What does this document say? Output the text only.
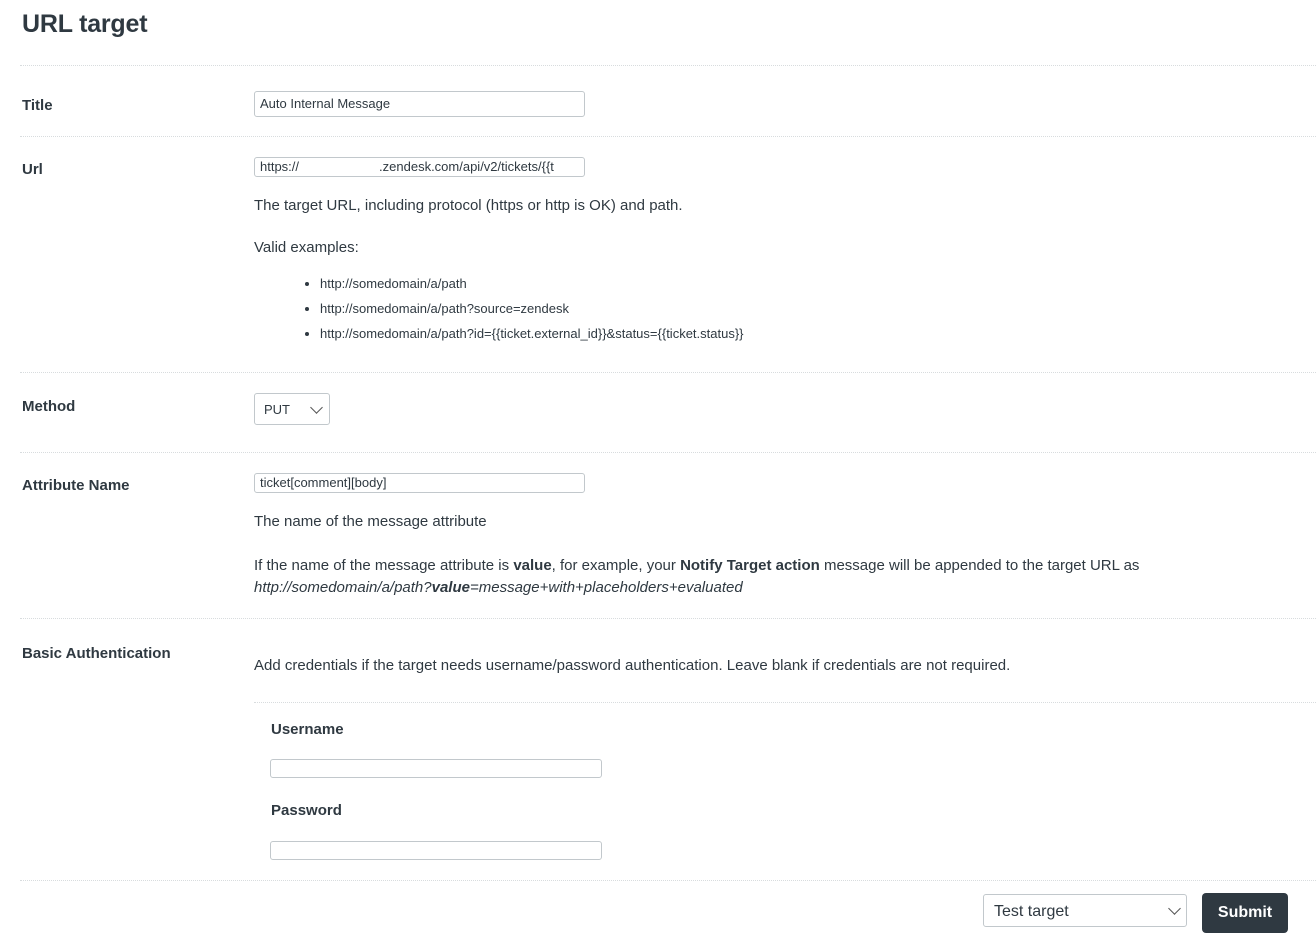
URL target
Title	Auto Internal Message
Url	https://	.zendesk.com/api/v2/tickets/{{t
The target URL, including protocol (https or http is OK) and path.
Valid examples:
• http://somedomain/a/path
• http://somedomain/a/path?source=zendesk
• http://somedomain/a/path?id={{ticket.external_id}}&status={{ticket.status}}
Method	PUT
Attribute Name	ticket[comment][body]
The name of the message attribute
If the name of the message attribute is value, for example, your Notify Target action message will be appended to the target URL as
http://somedomain/a/path?value=message+with+placeholders+evaluated
Basic Authentication
Add credentials if the target needs username/password authentication. Leave blank if credentials are not required.
Username
Password
Test target	Submit
